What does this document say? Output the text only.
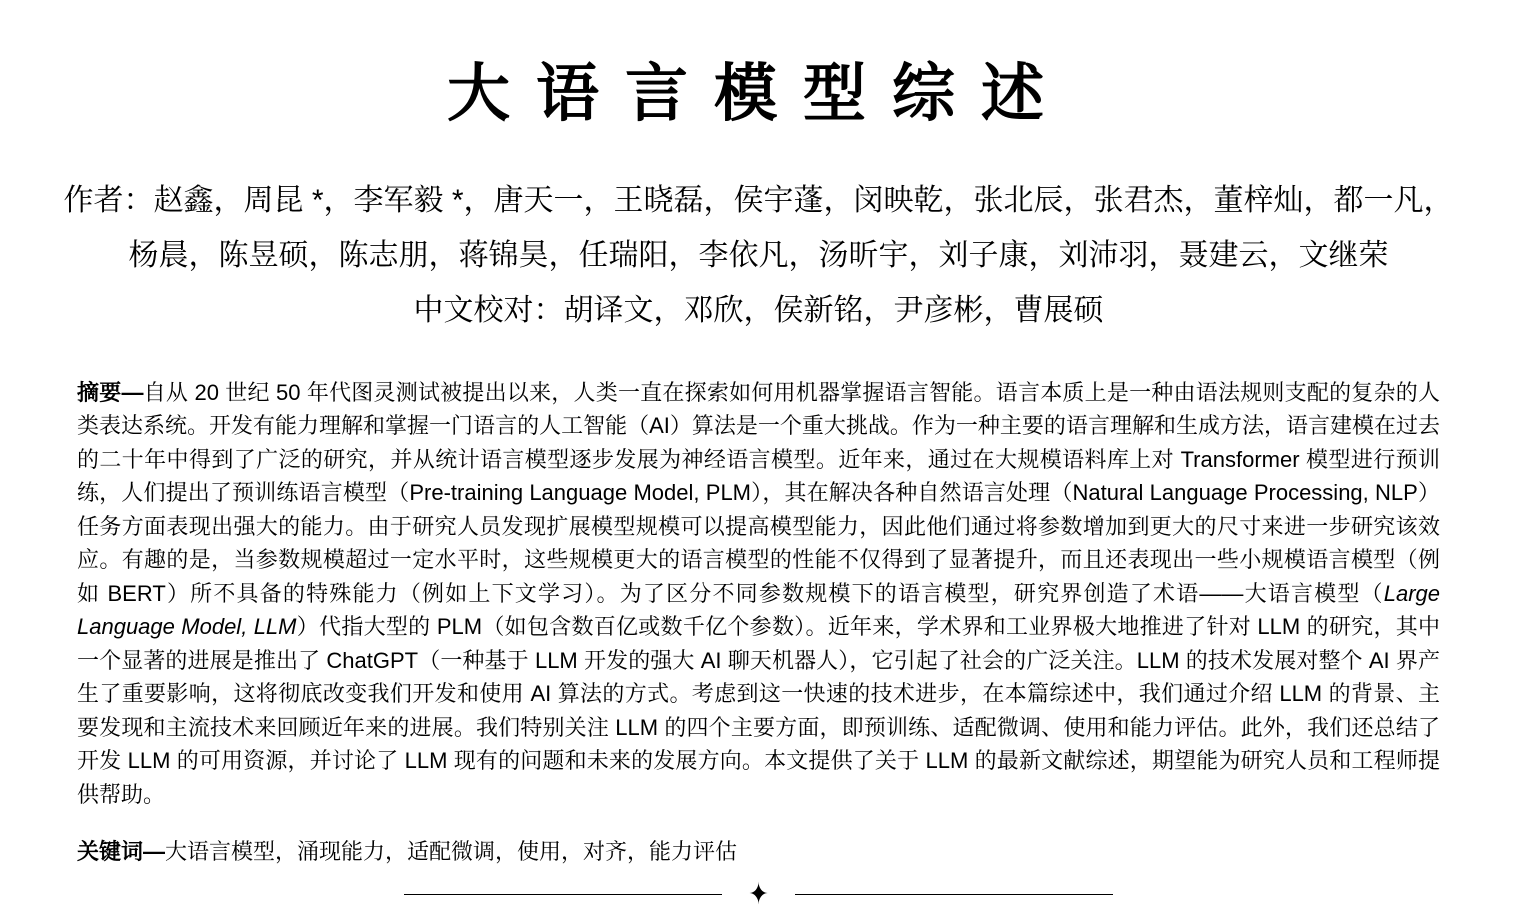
大语言模型综述
作者：赵鑫，周昆 *，李军毅 *，唐天一，王晓磊，侯宇蓬，闵映乾，张北辰，张君杰，董梓灿，都一凡，
杨晨，陈昱硕，陈志朋，蒋锦昊，任瑞阳，李依凡，汤昕宇，刘子康，刘沛羽，聂建云，文继荣
中文校对：胡译文，邓欣，侯新铭，尹彦彬，曹展硕

摘要—自从 20 世纪 50 年代图灵测试被提出以来，人类一直在探索如何用机器掌握语言智能。语言本质上是一种由语法规则支配的复杂的人类表达系统。开发有能力理解和掌握一门语言的人工智能（AI）算法是一个重大挑战。作为一种主要的语言理解和生成方法，语言建模在过去的二十年中得到了广泛的研究，并从统计语言模型逐步发展为神经语言模型。近年来，通过在大规模语料库上对 Transformer 模型进行预训练，人们提出了预训练语言模型（Pre-training Language Model, PLM），其在解决各种自然语言处理（Natural Language Processing, NLP）任务方面表现出强大的能力。由于研究人员发现扩展模型规模可以提高模型能力，因此他们通过将参数增加到更大的尺寸来进一步研究该效应。有趣的是，当参数规模超过一定水平时，这些规模更大的语言模型的性能不仅得到了显著提升，而且还表现出一些小规模语言模型（例如 BERT）所不具备的特殊能力（例如上下文学习）。为了区分不同参数规模下的语言模型，研究界创造了术语——大语言模型（Large Language Model, LLM）代指大型的 PLM（如包含数百亿或数千亿个参数）。近年来，学术界和工业界极大地推进了针对 LLM 的研究，其中一个显著的进展是推出了 ChatGPT（一种基于 LLM 开发的强大 AI 聊天机器人），它引起了社会的广泛关注。LLM 的技术发展对整个 AI 界产生了重要影响，这将彻底改变我们开发和使用 AI 算法的方式。考虑到这一快速的技术进步，在本篇综述中，我们通过介绍 LLM 的背景、主要发现和主流技术来回顾近年来的进展。我们特别关注 LLM 的四个主要方面，即预训练、适配微调、使用和能力评估。此外，我们还总结了开发 LLM 的可用资源，并讨论了 LLM 现有的问题和未来的发展方向。本文提供了关于 LLM 的最新文献综述，期望能为研究人员和工程师提供帮助。

关键词—大语言模型，涌现能力，适配微调，使用，对齐，能力评估

✦
